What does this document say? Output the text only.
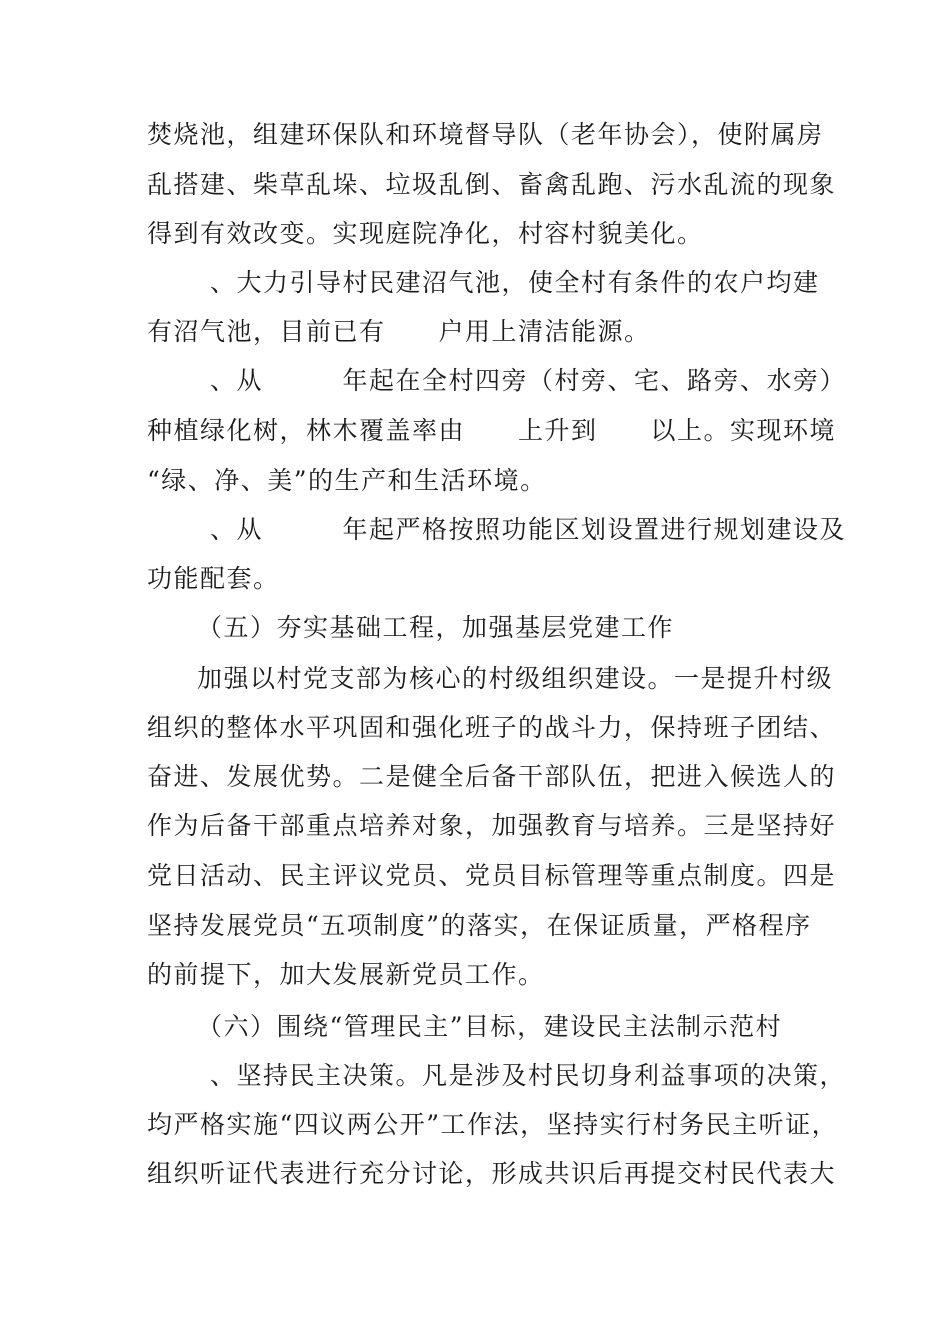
焚烧池，组建环保队和环境督导队（老年协会），使附属房
乱搭建、柴草乱垛、垃圾乱倒、畜禽乱跑、污水乱流的现象
得到有效改变。实现庭院净化，村容村貌美化。
、大力引导村民建沼气池，使全村有条件的农户均建
有沼气池，目前已有　　户用上清洁能源。
、从　　　年起在全村四旁（村旁、宅、路旁、水旁）
种植绿化树，林木覆盖率由　　上升到　　以上。实现环境
“绿、净、美”的生产和生活环境。
、从　　　年起严格按照功能区划设置进行规划建设及
功能配套。
（五）夯实基础工程，加强基层党建工作
加强以村党支部为核心的村级组织建设。一是提升村级
组织的整体水平巩固和强化班子的战斗力，保持班子团结、
奋进、发展优势。二是健全后备干部队伍，把进入候选人的
作为后备干部重点培养对象，加强教育与培养。三是坚持好
党日活动、民主评议党员、党员目标管理等重点制度。四是
坚持发展党员“五项制度”的落实，在保证质量，严格程序
的前提下，加大发展新党员工作。
（六）围绕“管理民主”目标，建设民主法制示范村
、坚持民主决策。凡是涉及村民切身利益事项的决策，
均严格实施“四议两公开”工作法，坚持实行村务民主听证，
组织听证代表进行充分讨论，形成共识后再提交村民代表大
